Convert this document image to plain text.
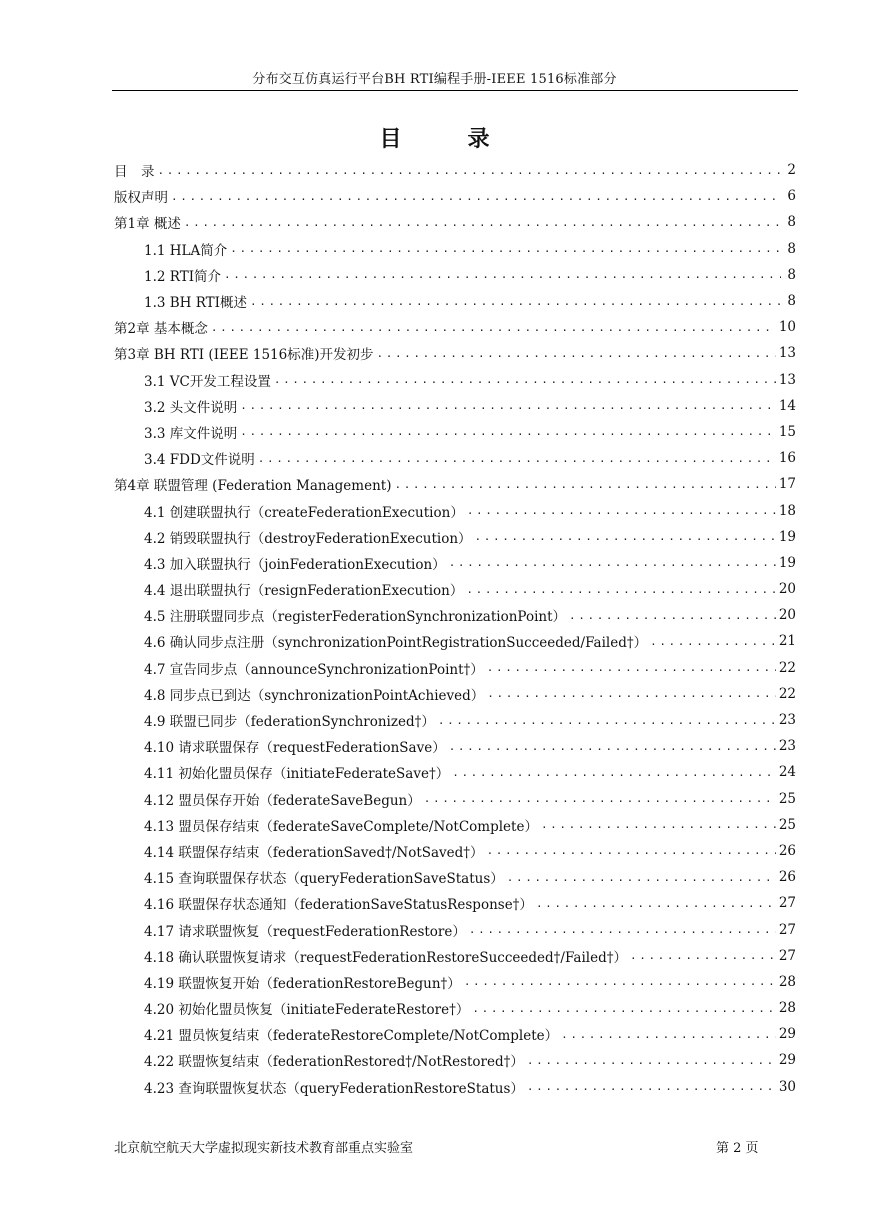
分布交互仿真运行平台BH RTI编程手册-IEEE 1516标准部分
目　录
目　录 .....	2
版权声明 .....	6
第1章 概述 .....	8
1.1 HLA简介 .....	8
1.2 RTI简介 .....	8
1.3 BH RTI概述 .....	8
第2章 基本概念 .....	10
第3章 BH RTI (IEEE 1516标准)开发初步 .....	13
3.1 VC开发工程设置 .....	13
3.2 头文件说明 .....	14
3.3 库文件说明 .....	15
3.4 FDD文件说明 .....	16
第4章 联盟管理 (Federation Management) .....	17
4.1 创建联盟执行（createFederationExecution） .....	18
4.2 销毁联盟执行（destroyFederationExecution） .....	19
4.3 加入联盟执行（joinFederationExecution） .....	19
4.4 退出联盟执行（resignFederationExecution） .....	20
4.5 注册联盟同步点（registerFederationSynchronizationPoint） .....	20
4.6 确认同步点注册（synchronizationPointRegistrationSucceeded/Failed†） .....	21
4.7 宣告同步点（announceSynchronizationPoint†） .....	22
4.8 同步点已到达（synchronizationPointAchieved） .....	22
4.9 联盟已同步（federationSynchronized†） .....	23
4.10 请求联盟保存（requestFederationSave） .....	23
4.11 初始化盟员保存（initiateFederateSave†） .....	24
4.12 盟员保存开始（federateSaveBegun） .....	25
4.13 盟员保存结束（federateSaveComplete/NotComplete） .....	25
4.14 联盟保存结束（federationSaved†/NotSaved†） .....	26
4.15 查询联盟保存状态（queryFederationSaveStatus） .....	26
4.16 联盟保存状态通知（federationSaveStatusResponse†） .....	27
4.17 请求联盟恢复（requestFederationRestore） .....	27
4.18 确认联盟恢复请求（requestFederationRestoreSucceeded†/Failed†） .....	27
4.19 联盟恢复开始（federationRestoreBegun†） .....	28
4.20 初始化盟员恢复（initiateFederateRestore†） .....	28
4.21 盟员恢复结束（federateRestoreComplete/NotComplete） .....	29
4.22 联盟恢复结束（federationRestored†/NotRestored†） .....	29
4.23 查询联盟恢复状态（queryFederationRestoreStatus） .....	30
北京航空航天大学虚拟现实新技术教育部重点实验室	第 2 页
